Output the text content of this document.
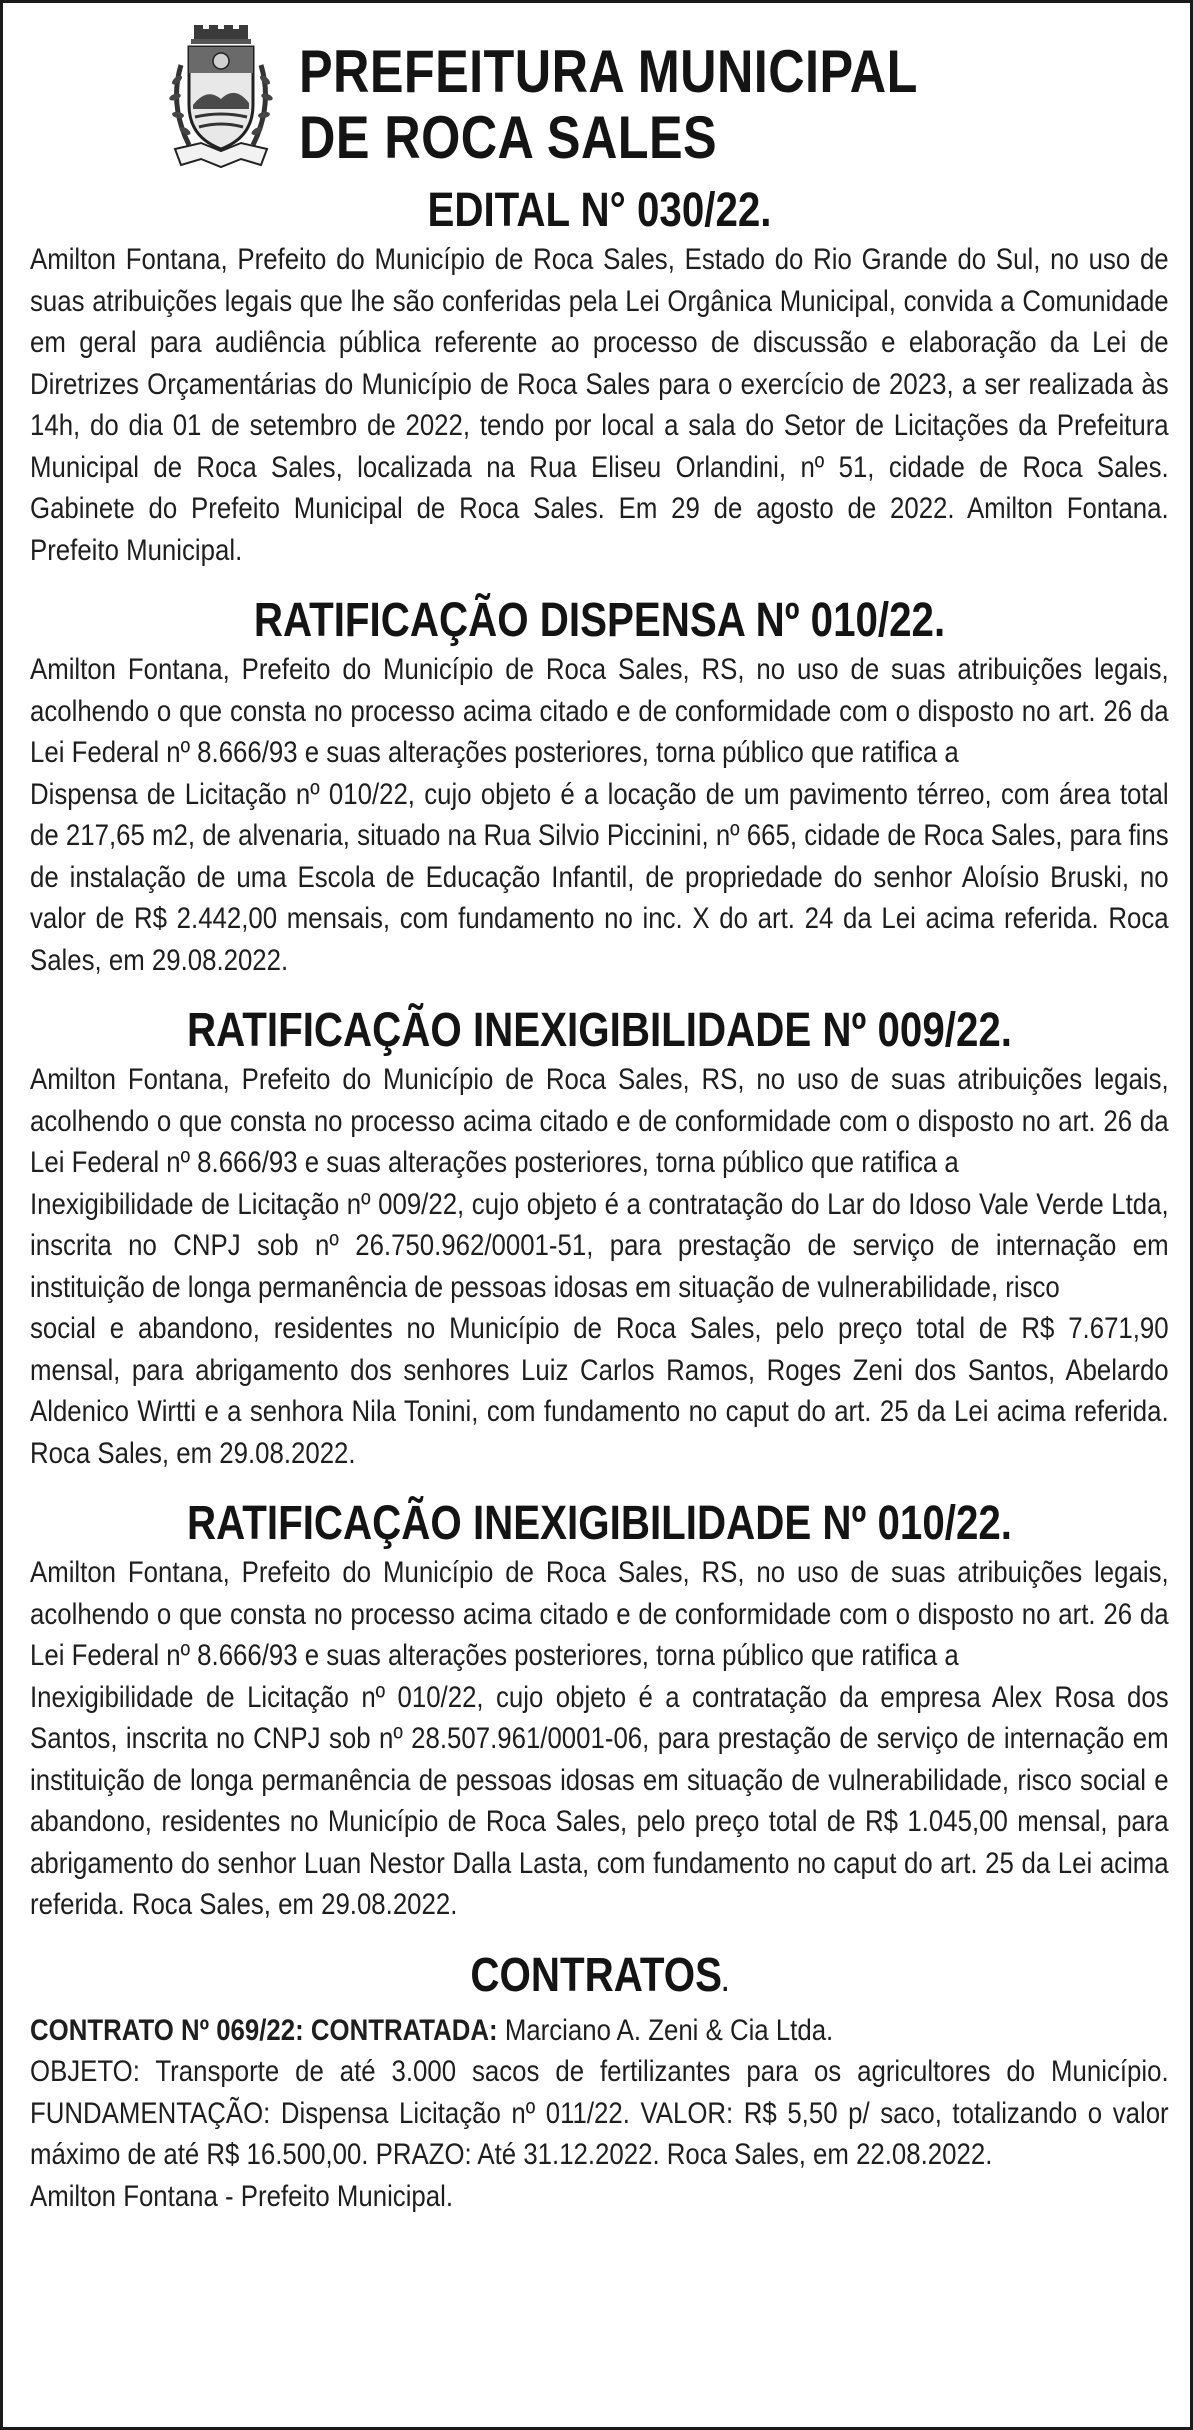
PREFEITURA MUNICIPAL
DE ROCA SALES
EDITAL N° 030/22.

Amilton Fontana, Prefeito do Município de Roca Sales, Estado do Rio Grande do Sul, no uso de suas atribuições legais que lhe são conferidas pela Lei Orgânica Municipal, convida a Comunidade em geral para audiência pública referente ao processo de discussão e elaboração da Lei de Diretrizes Orçamentárias do Município de Roca Sales para o exercício de 2023, a ser realizada às 14h, do dia 01 de setembro de 2022, tendo por local a sala do Setor de Licitações da Prefeitura Municipal de Roca Sales, localizada na Rua Eliseu Orlandini, nº 51, cidade de Roca Sales. Gabinete do Prefeito Municipal de Roca Sales. Em 29 de agosto de 2022. Amilton Fontana. Prefeito Municipal.

RATIFICAÇÃO DISPENSA Nº 010/22.

Amilton Fontana, Prefeito do Município de Roca Sales, RS, no uso de suas atribuições legais, acolhendo o que consta no processo acima citado e de conformidade com o disposto no art. 26 da Lei Federal nº 8.666/93 e suas alterações posteriores, torna público que ratifica a

Dispensa de Licitação nº 010/22, cujo objeto é a locação de um pavimento térreo, com área total de 217,65 m2, de alvenaria, situado na Rua Silvio Piccinini, nº 665, cidade de Roca Sales, para fins de instalação de uma Escola de Educação Infantil, de propriedade do senhor Aloísio Bruski, no valor de R$ 2.442,00 mensais, com fundamento no inc. X do art. 24 da Lei acima referida. Roca Sales, em 29.08.2022.

RATIFICAÇÃO INEXIGIBILIDADE Nº 009/22.

Amilton Fontana, Prefeito do Município de Roca Sales, RS, no uso de suas atribuições legais, acolhendo o que consta no processo acima citado e de conformidade com o disposto no art. 26 da Lei Federal nº 8.666/93 e suas alterações posteriores, torna público que ratifica a

Inexigibilidade de Licitação nº 009/22, cujo objeto é a contratação do Lar do Idoso Vale Verde Ltda, inscrita no CNPJ sob nº 26.750.962/0001-51, para prestação de serviço de internação em instituição de longa permanência de pessoas idosas em situação de vulnerabilidade, risco

social e abandono, residentes no Município de Roca Sales, pelo preço total de R$ 7.671,90 mensal, para abrigamento dos senhores Luiz Carlos Ramos, Roges Zeni dos Santos, Abelardo Aldenico Wirtti e a senhora Nila Tonini, com fundamento no caput do art. 25 da Lei acima referida. Roca Sales, em 29.08.2022.

RATIFICAÇÃO INEXIGIBILIDADE Nº 010/22.

Amilton Fontana, Prefeito do Município de Roca Sales, RS, no uso de suas atribuições legais, acolhendo o que consta no processo acima citado e de conformidade com o disposto no art. 26 da Lei Federal nº 8.666/93 e suas alterações posteriores, torna público que ratifica a

Inexigibilidade de Licitação nº 010/22, cujo objeto é a contratação da empresa Alex Rosa dos Santos, inscrita no CNPJ sob nº 28.507.961/0001-06, para prestação de serviço de internação em instituição de longa permanência de pessoas idosas em situação de vulnerabilidade, risco social e abandono, residentes no Município de Roca Sales, pelo preço total de R$ 1.045,00 mensal, para abrigamento do senhor Luan Nestor Dalla Lasta, com fundamento no caput do art. 25 da Lei acima referida. Roca Sales, em 29.08.2022.

CONTRATOS.

CONTRATO Nº 069/22: CONTRATADA: Marciano A. Zeni & Cia Ltda.

OBJETO: Transporte de até 3.000 sacos de fertilizantes para os agricultores do Município. FUNDAMENTAÇÃO: Dispensa Licitação nº 011/22. VALOR: R$ 5,50 p/ saco, totalizando o valor máximo de até R$ 16.500,00. PRAZO: Até 31.12.2022. Roca Sales, em 22.08.2022.

Amilton Fontana - Prefeito Municipal.
